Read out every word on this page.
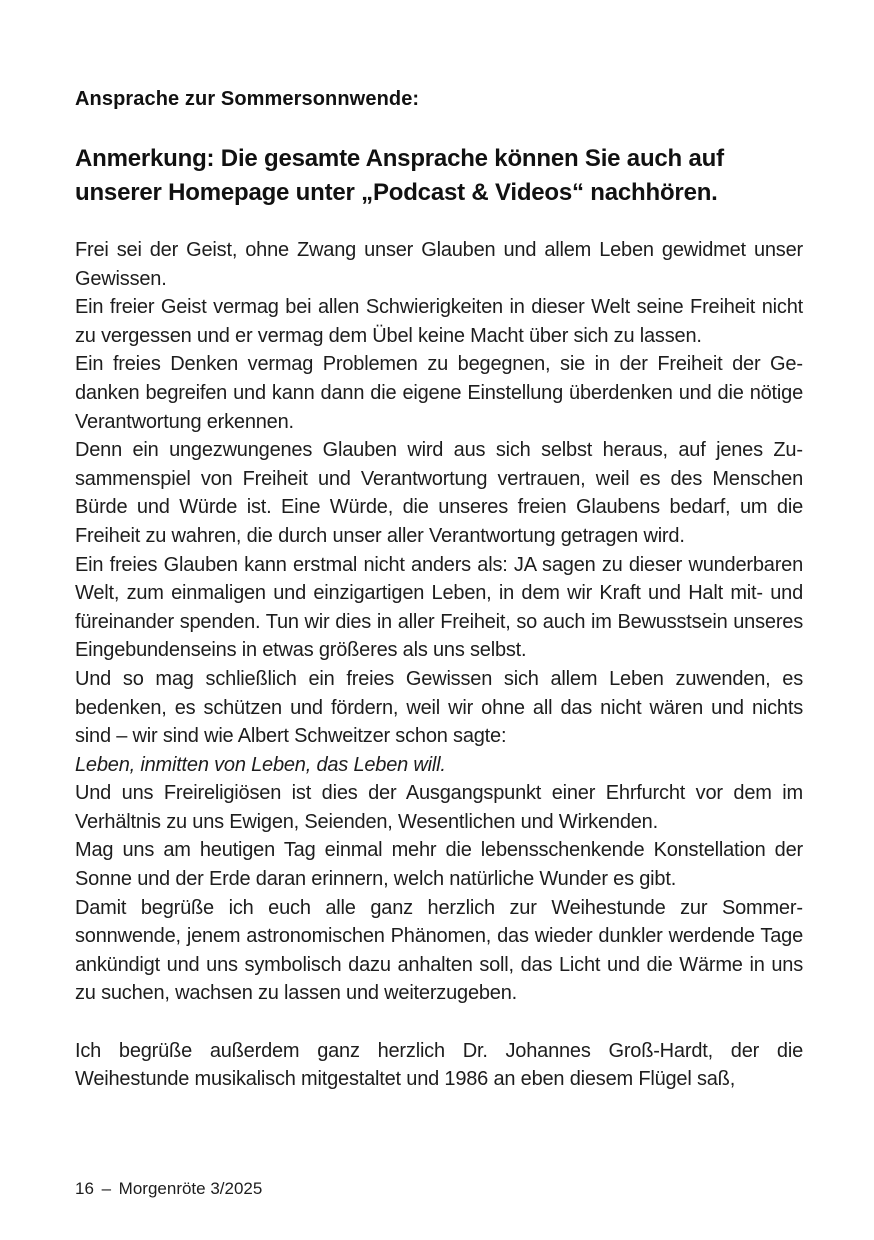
Ansprache zur Sommersonnwende:
Anmerkung: Die gesamte Ansprache können Sie auch auf unserer Homepage unter „Podcast & Videos“ nachhören.

Frei sei der Geist, ohne Zwang unser Glauben und allem Leben gewidmet unser Gewissen.

Ein freier Geist vermag bei allen Schwierigkeiten in dieser Welt seine Freiheit nicht zu vergessen und er vermag dem Übel keine Macht über sich zu lassen.

Ein freies Denken vermag Problemen zu begegnen, sie in der Freiheit der Gedanken begreifen und kann dann die eigene Einstellung überdenken und die nötige Verantwortung erkennen.

Denn ein ungezwungenes Glauben wird aus sich selbst heraus, auf jenes Zusammenspiel von Freiheit und Verantwortung vertrauen, weil es des Menschen Bürde und Würde ist. Eine Würde, die unseres freien Glaubens bedarf, um die Freiheit zu wahren, die durch unser aller Verantwortung getragen wird.

Ein freies Glauben kann erstmal nicht anders als: JA sagen zu dieser wunderbaren Welt, zum einmaligen und einzigartigen Leben, in dem wir Kraft und Halt mit- und füreinander spenden. Tun wir dies in aller Freiheit, so auch im Bewusstsein unseres Eingebundenseins in etwas größeres als uns selbst.

Und so mag schließlich ein freies Gewissen sich allem Leben zuwenden, es bedenken, es schützen und fördern, weil wir ohne all das nicht wären und nichts sind – wir sind wie Albert Schweitzer schon sagte:

Leben, inmitten von Leben, das Leben will.

Und uns Freireligiösen ist dies der Ausgangspunkt einer Ehrfurcht vor dem im Verhältnis zu uns Ewigen, Seienden, Wesentlichen und Wirkenden.

Mag uns am heutigen Tag einmal mehr die lebensschenkende Konstellation der Sonne und der Erde daran erinnern, welch natürliche Wunder es gibt.

Damit begrüße ich euch alle ganz herzlich zur Weihestunde zur Sommersonnwende, jenem astronomischen Phänomen, das wieder dunkler werdende Tage ankündigt und uns symbolisch dazu anhalten soll, das Licht und die Wärme in uns zu suchen, wachsen zu lassen und weiterzugeben.

Ich begrüße außerdem ganz herzlich Dr. Johannes Groß-Hardt, der die Weihestunde musikalisch mitgestaltet und 1986 an eben diesem Flügel saß,

16 – Morgenröte 3/2025
